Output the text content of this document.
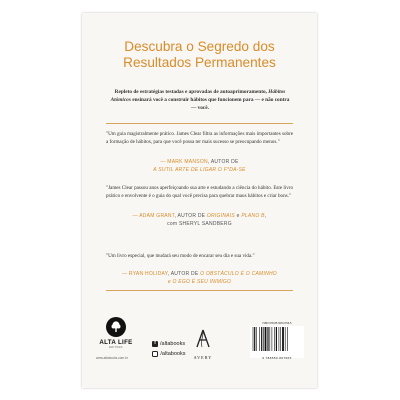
Descubra o Segredo dos
Resultados Permanentes
Repleto de estratégias testadas e aprovadas de autoaprimoramento, Hábitos Atômicos ensinará você a construir hábitos que funcionem para — e não contra — você.

"Um guia magistralmente prático. James Clear filtra as informações mais importantes sobre a formação de hábitos, para que você possa ter mais sucesso se preocupando menos."

— MARK MANSON, AUTOR DE
A SUTIL ARTE DE LIGAR O F*DA-SE

"James Clear passou anos aperfeiçoando sua arte e estudando a ciência do hábito. Este livro prático e envolvente é o guia do qual você precisa para quebrar maus hábitos e criar bons."

— ADAM GRANT, AUTOR DE ORIGINAIS e PLANO B,
com SHERYL SANDBERG

"Um livro especial, que mudará seu modo de encarar seu dia e sua vida."

— RYAN HOLIDAY, AUTOR DE O OBSTÁCULO É O CAMINHO
e O EGO É SEU INIMIGO
ALTA LIFE
EDITORA
www.altabooks.com.br
f /altabooks
/altabooks
AVERY
ISBN 978-85-508-0766-5
9 788550 807665
